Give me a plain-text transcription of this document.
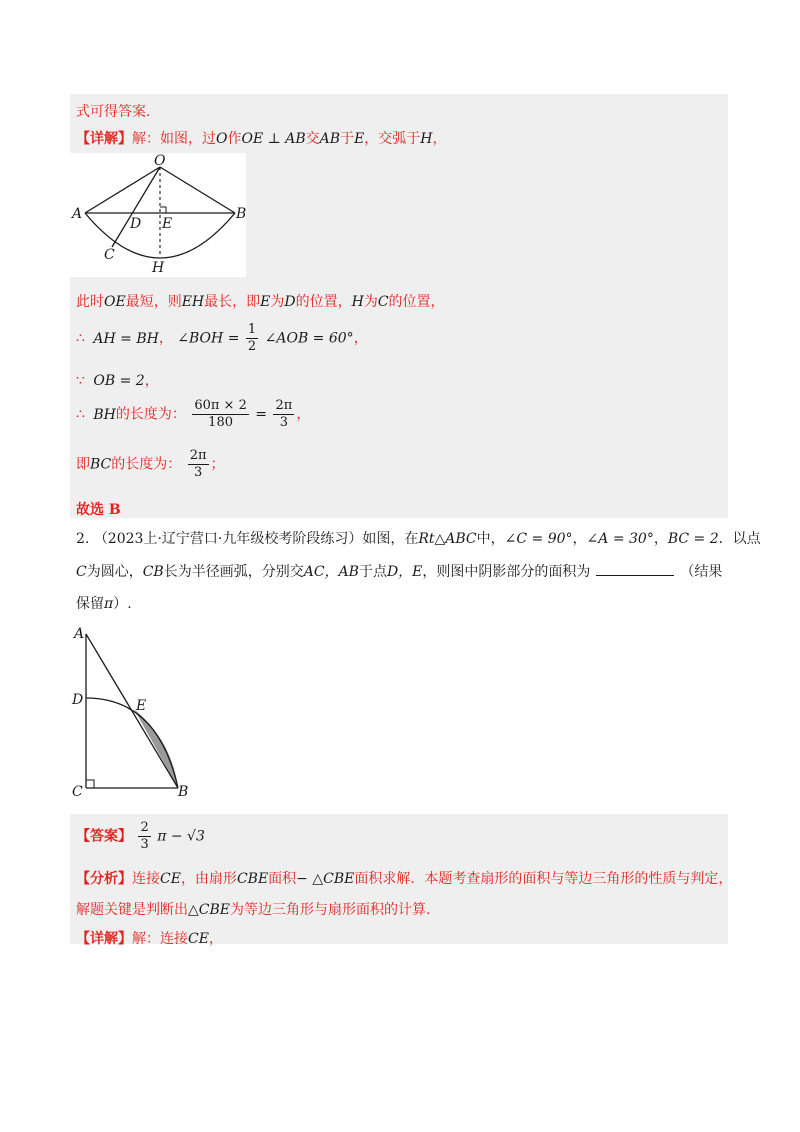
式可得答案.
【详解】解：如图，过O作OE ⊥ AB交AB于E，交弧于H，
O
A	B
D E
C
H
此时OE最短，则EH最长，即E为D的位置，H为C的位置，
∴ AH = BH， ∠BOH = $\frac{1}{2}$ ∠AOB = 60°，
∵ OB = 2，
∴ BH的长度为： $\frac{60\pi \times 2}{180} = \frac{2\pi}{3}$ ，
即BC的长度为： $\frac{2\pi}{3}$ ；
故选 B
2. （2023上·辽宁营口·九年级校考阶段练习）如图，在Rt△ABC中，∠C = 90°，∠A = 30°，BC = 2．以点
C为圆心，CB长为半径画弧，分别交AC，AB于点D，E，则图中阴影部分的面积为	（结果
保留π）.
A
D	E
C	B
【答案】 $\frac{2}{3}$ π − √3
【分析】连接CE，由扇形CBE面积− △CBE面积求解．本题考查扇形的面积与等边三角形的性质与判定，
解题关键是判断出△CBE为等边三角形与扇形面积的计算.
【详解】解：连接CE，
